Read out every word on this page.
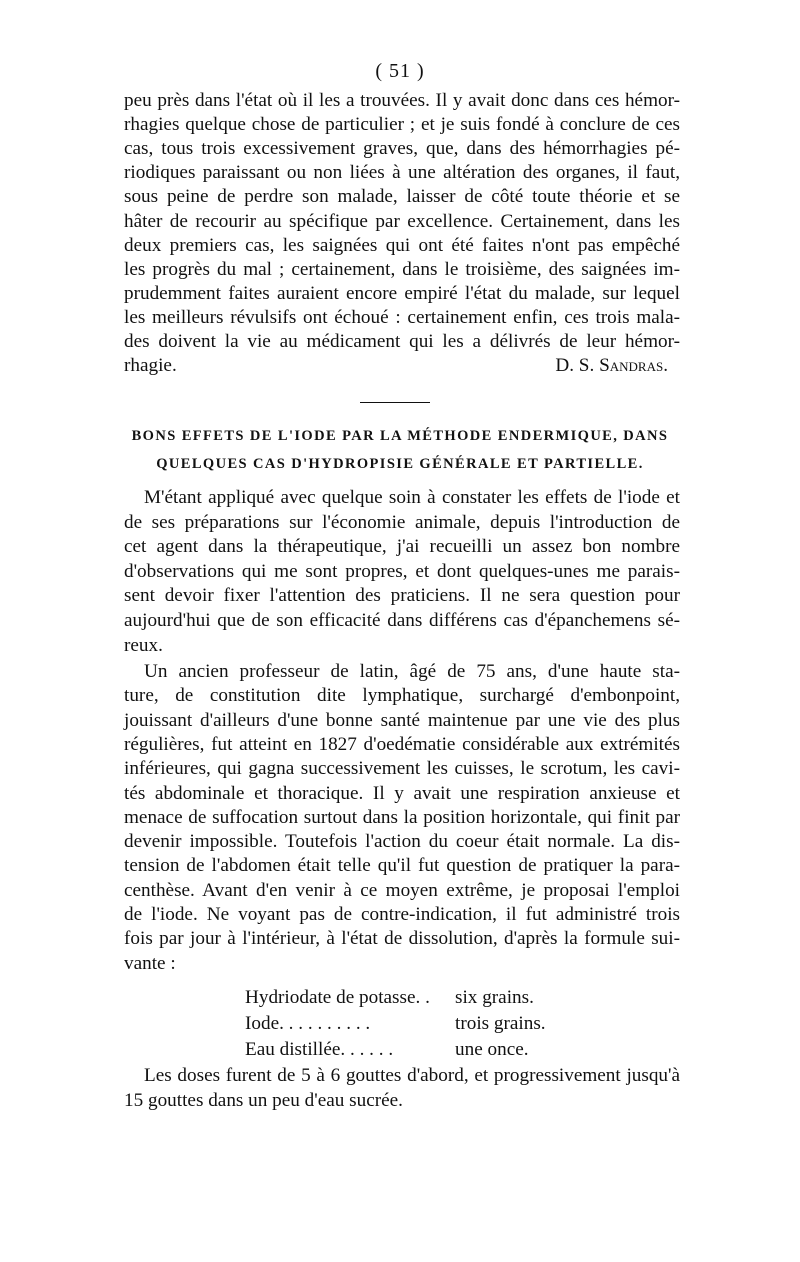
( 51 )
peu près dans l'état où il les a trouvées. Il y avait donc dans ces hémor-
rhagies quelque chose de particulier ; et je suis fondé à conclure de ces
cas, tous trois excessivement graves, que, dans des hémorrhagies pé-
riodiques paraissant ou non liées à une altération des organes, il faut,
sous peine de perdre son malade, laisser de côté toute théorie et se
hâter de recourir au spécifique par excellence. Certainement, dans les
deux premiers cas, les saignées qui ont été faites n'ont pas empêché
les progrès du mal ; certainement, dans le troisième, des saignées im-
prudemment faites auraient encore empiré l'état du malade, sur lequel
les meilleurs révulsifs ont échoué : certainement enfin, ces trois mala-
des doivent la vie au médicament qui les a délivrés de leur hémor-
rhagie.	D. S. Sandras.
BONS EFFETS DE L'IODE PAR LA MÉTHODE ENDERMIQUE, DANS
QUELQUES CAS D'HYDROPISIE GÉNÉRALE ET PARTIELLE.
M'étant appliqué avec quelque soin à constater les effets de l'iode et
de ses préparations sur l'économie animale, depuis l'introduction de
cet agent dans la thérapeutique, j'ai recueilli un assez bon nombre
d'observations qui me sont propres, et dont quelques-unes me parais-
sent devoir fixer l'attention des praticiens. Il ne sera question pour
aujourd'hui que de son efficacité dans différens cas d'épanchemens sé-
reux.
Un ancien professeur de latin, âgé de 75 ans, d'une haute sta-
ture, de constitution dite lymphatique, surchargé d'embonpoint,
jouissant d'ailleurs d'une bonne santé maintenue par une vie des plus
régulières, fut atteint en 1827 d'oedématie considérable aux extrémités
inférieures, qui gagna successivement les cuisses, le scrotum, les cavi-
tés abdominale et thoracique. Il y avait une respiration anxieuse et
menace de suffocation surtout dans la position horizontale, qui finit par
devenir impossible. Toutefois l'action du coeur était normale. La dis-
tension de l'abdomen était telle qu'il fut question de pratiquer la para-
centhèse. Avant d'en venir à ce moyen extrême, je proposai l'emploi
de l'iode. Ne voyant pas de contre-indication, il fut administré trois
fois par jour à l'intérieur, à l'état de dissolution, d'après la formule sui-
vante :
Hydriodate de potasse. . six grains.
Iode. . . . . . . . . .	trois grains.
Eau distillée. . . . . .	une once.
Les doses furent de 5 à 6 gouttes d'abord, et progressivement jusqu'à
15 gouttes dans un peu d'eau sucrée.
